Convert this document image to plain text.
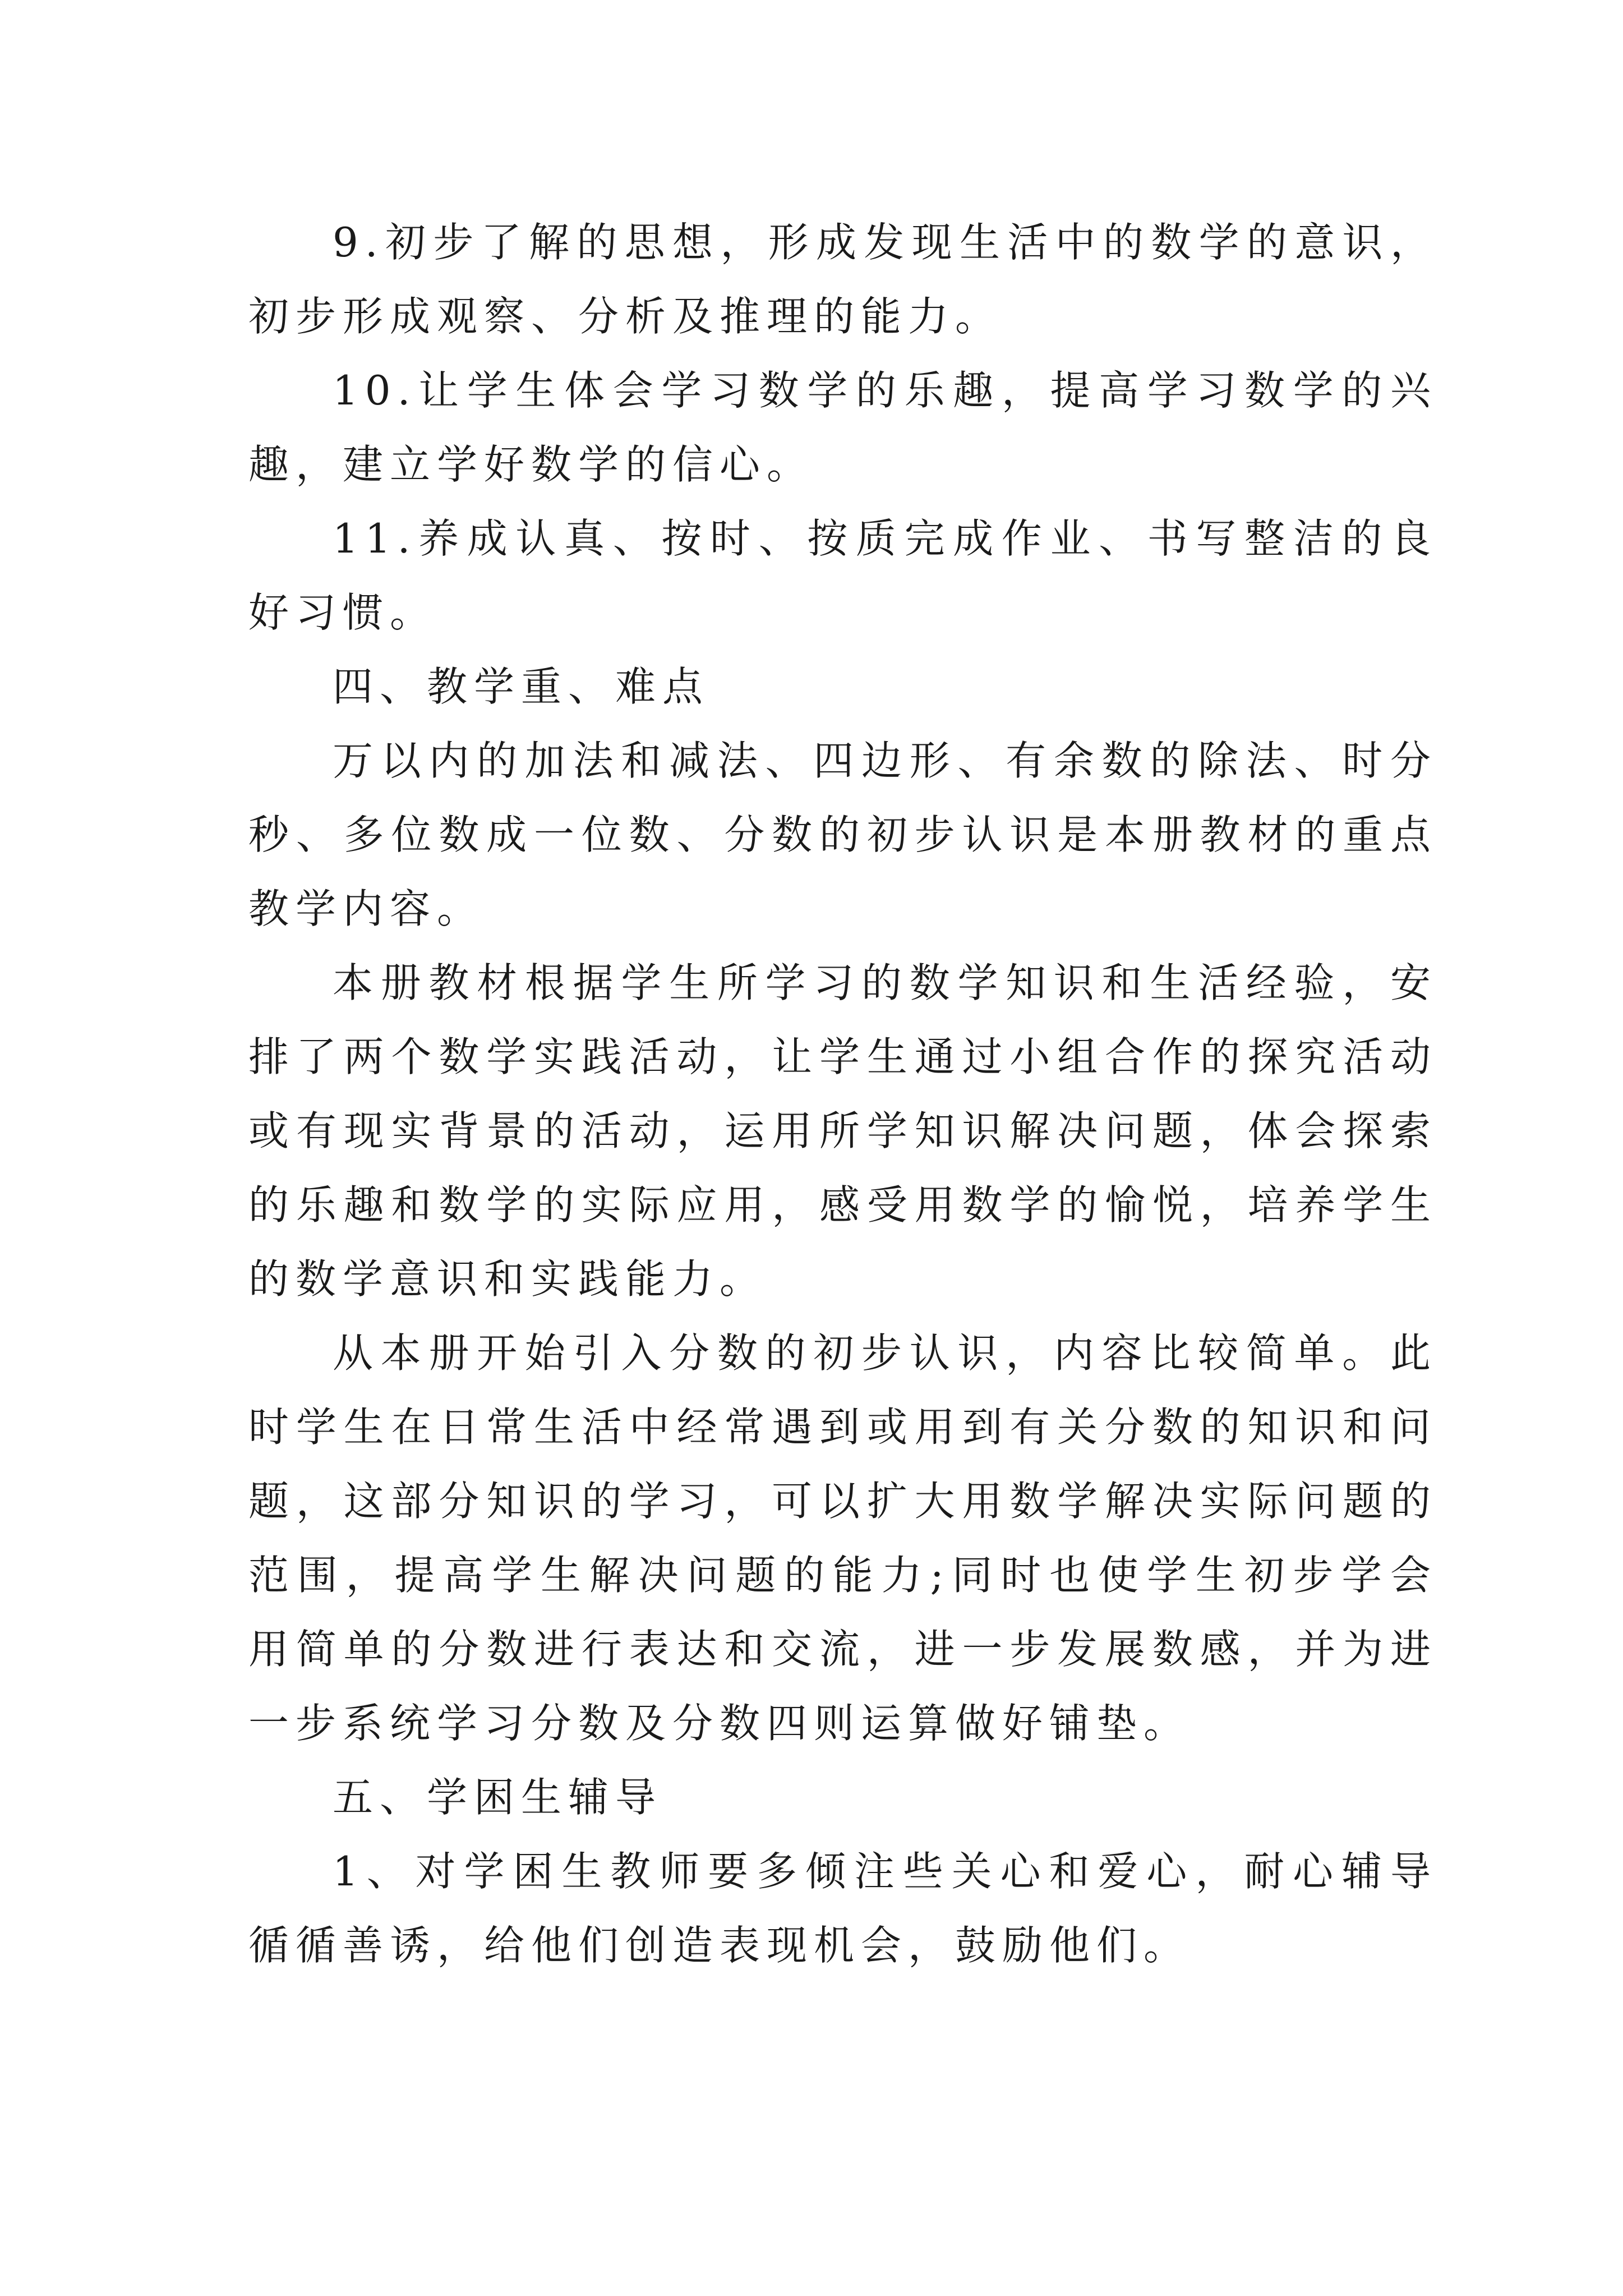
9.初步了解的思想，形成发现生活中的数学的意识，初步形成观察、分析及推理的能力。

10.让学生体会学习数学的乐趣，提高学习数学的兴趣，建立学好数学的信心。

11.养成认真、按时、按质完成作业、书写整洁的良好习惯。

四、教学重、难点

万以内的加法和减法、四边形、有余数的除法、时分秒、多位数成一位数、分数的初步认识是本册教材的重点教学内容。

本册教材根据学生所学习的数学知识和生活经验，安排了两个数学实践活动，让学生通过小组合作的探究活动或有现实背景的活动，运用所学知识解决问题，体会探索的乐趣和数学的实际应用，感受用数学的愉悦，培养学生的数学意识和实践能力。

从本册开始引入分数的初步认识，内容比较简单。此时学生在日常生活中经常遇到或用到有关分数的知识和问题，这部分知识的学习，可以扩大用数学解决实际问题的范围，提高学生解决问题的能力;同时也使学生初步学会用简单的分数进行表达和交流，进一步发展数感，并为进一步系统学习分数及分数四则运算做好铺垫。

五、学困生辅导

1、对学困生教师要多倾注些关心和爱心，耐心辅导循循善诱，给他们创造表现机会，鼓励他们。
